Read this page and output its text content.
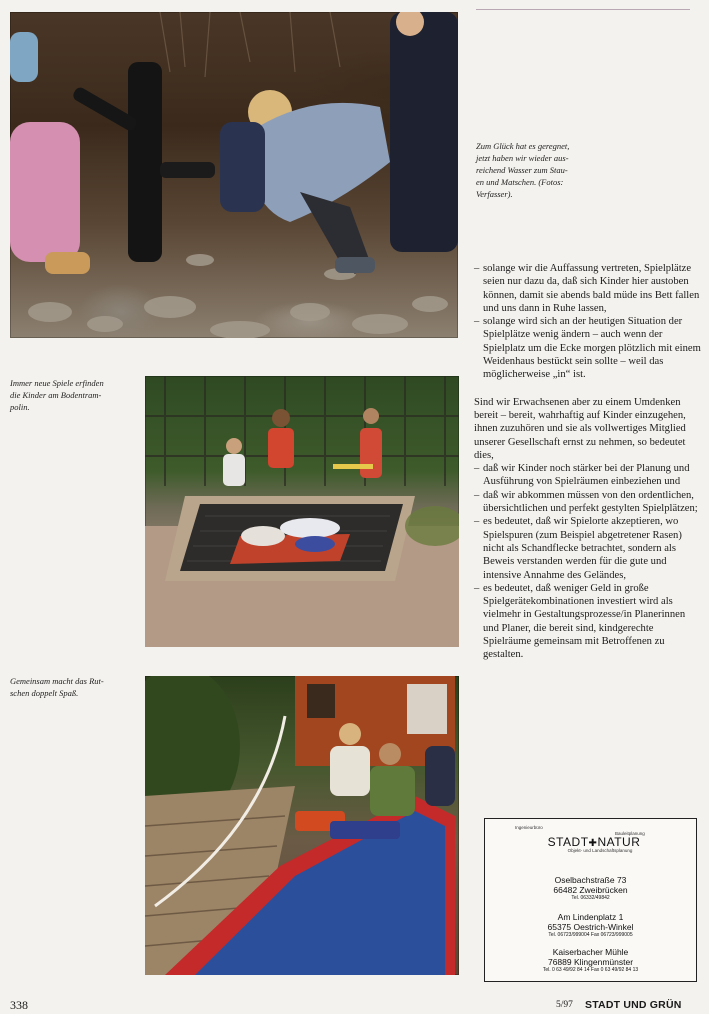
Zum Glück hat es geregnet,
jetzt haben wir wieder aus-
reichend Wasser zum Stau-
en und Matschen. (Fotos:
Verfasser).
Immer neue Spiele erfinden
die Kinder am Bodentram-
polin.
Gemeinsam macht das Rut-
schen doppelt Spaß.

– solange wir die Auffassung vertreten, Spielplätze seien nur dazu da, daß sich Kinder hier austoben können, damit sie abends bald müde ins Bett fallen und uns dann in Ruhe lassen,

– solange wird sich an der heutigen Situation der Spielplätze wenig ändern – auch wenn der Spielplatz um die Ecke morgen plötzlich mit einem Weidenhaus bestückt sein sollte – weil das möglicherweise „in“ ist.

Sind wir Erwachsenen aber zu einem Umdenken bereit – bereit, wahrhaftig auf Kinder einzugehen, ihnen zuzuhören und sie als vollwertiges Mitglied unserer Gesellschaft ernst zu nehmen, so bedeutet dies,

– daß wir Kinder noch stärker bei der Planung und Ausführung von Spielräumen einbeziehen und

– daß wir abkommen müssen von den ordentlichen, übersichtlichen und perfekt gestylten Spielplätzen;

– es bedeutet, daß wir Spielorte akzeptieren, wo Spielspuren (zum Beispiel abgetretener Rasen) nicht als Schandflecke betrachtet, sondern als Beweis verstanden werden für die gute und intensive Annahme des Geländes,

– es bedeutet, daß weniger Geld in große Spielgerätekombinationen investiert wird als vielmehr in Gestaltungsprozesse/in Planerinnen und Planer, die bereit sind, kindgerechte Spielräume gemeinsam mit Betroffenen zu gestalten.

Ingenieurbüro
STADT✚NATUR
Bauleitplanung
Objekt- und Landschaftsplanung
Oselbachstraße 73
66482 Zweibrücken
Tel. 06332/49842
Am Lindenplatz 1
65375 Oestrich-Winkel
Tel. 06723/999004 Fax 06723/999005
Kaiserbacher Mühle
76889 Klingenmünster
Tel. 0 63 49/92 84 14 Fax 0 63 49/92 84 13
338	5/97 STADT UND GRÜN
